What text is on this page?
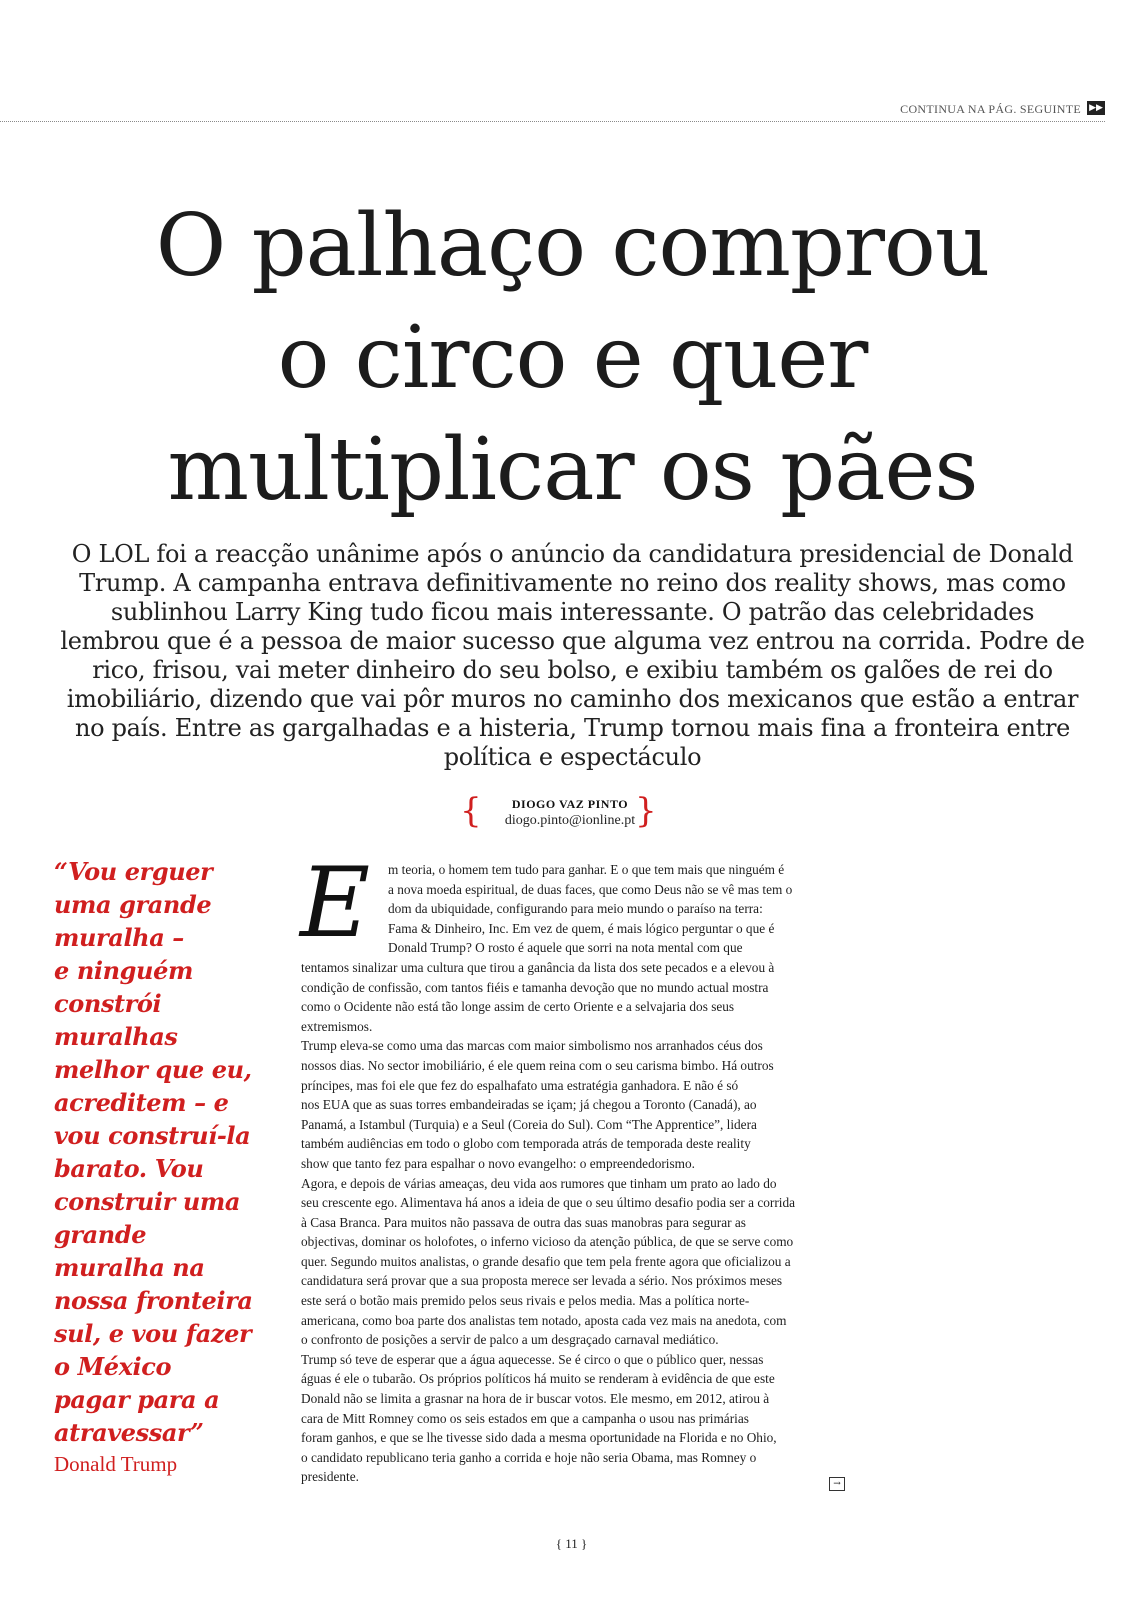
CONTINUA NA PÁG. SEGUINTE ▶▶
O palhaço comprou
o circo e quer
multiplicar os pães

O LOL foi a reacção unânime após o anúncio da candidatura presidencial de Donald Trump. A campanha entrava definitivamente no reino dos reality shows, mas como sublinhou Larry King tudo ficou mais interessante. O patrão das celebridades lembrou que é a pessoa de maior sucesso que alguma vez entrou na corrida. Podre de rico, frisou, vai meter dinheiro do seu bolso, e exibiu também os galões de rei do imobiliário, dizendo que vai pôr muros no caminho dos mexicanos que estão a entrar no país. Entre as gargalhadas e a histeria, Trump tornou mais fina a fronteira entre política e espectáculo

{	DIOGO VAZ PINTO
diogo.pinto@ionline.pt }
“Vou erguer
uma grande
muralha –
e ninguém
constrói
muralhas
melhor que eu,
acreditem – e
vou construí-la
barato. Vou
construir uma
grande
muralha na
nossa fronteira
sul, e vou fazer
o México
pagar para a
atravessar”
Donald Trump
E	m teoria, o homem tem tudo para ganhar. E o que tem mais que ninguém é
a nova moeda espiritual, de duas faces, que como Deus não se vê mas tem o
dom da ubiquidade, configurando para meio mundo o paraíso na terra:
Fama & Dinheiro, Inc. Em vez de quem, é mais lógico perguntar o que é
Donald Trump? O rosto é aquele que sorri na nota mental com que
tentamos sinalizar uma cultura que tirou a ganância da lista dos sete pecados e a elevou à
condição de confissão, com tantos fiéis e tamanha devoção que no mundo actual mostra
como o Ocidente não está tão longe assim de certo Oriente e a selvajaria dos seus
extremismos.
Trump eleva-se como uma das marcas com maior simbolismo nos arranhados céus dos
nossos dias. No sector imobiliário, é ele quem reina com o seu carisma bimbo. Há outros
príncipes, mas foi ele que fez do espalhafato uma estratégia ganhadora. E não é só
nos EUA que as suas torres embandeiradas se içam; já chegou a Toronto (Canadá), ao
Panamá, a Istambul (Turquia) e a Seul (Coreia do Sul). Com “The Apprentice”, lidera
também audiências em todo o globo com temporada atrás de temporada deste reality
show que tanto fez para espalhar o novo evangelho: o empreendedorismo.
Agora, e depois de várias ameaças, deu vida aos rumores que tinham um prato ao lado do
seu crescente ego. Alimentava há anos a ideia de que o seu último desafio podia ser a corrida
à Casa Branca. Para muitos não passava de outra das suas manobras para segurar as
objectivas, dominar os holofotes, o inferno vicioso da atenção pública, de que se serve como
quer. Segundo muitos analistas, o grande desafio que tem pela frente agora que oficializou a
candidatura será provar que a sua proposta merece ser levada a sério. Nos próximos meses
este será o botão mais premido pelos seus rivais e pelos media. Mas a política norte-
americana, como boa parte dos analistas tem notado, aposta cada vez mais na anedota, com
o confronto de posições a servir de palco a um desgraçado carnaval mediático.
Trump só teve de esperar que a água aquecesse. Se é circo o que o público quer, nessas
águas é ele o tubarão. Os próprios políticos há muito se renderam à evidência de que este
Donald não se limita a grasnar na hora de ir buscar votos. Ele mesmo, em 2012, atirou à
cara de Mitt Romney como os seis estados em que a campanha o usou nas primárias
foram ganhos, e que se lhe tivesse sido dada a mesma oportunidade na Florida e no Ohio,
o candidato republicano teria ganho a corrida e hoje não seria Obama, mas Romney o
presidente.	→
{ 11 }
